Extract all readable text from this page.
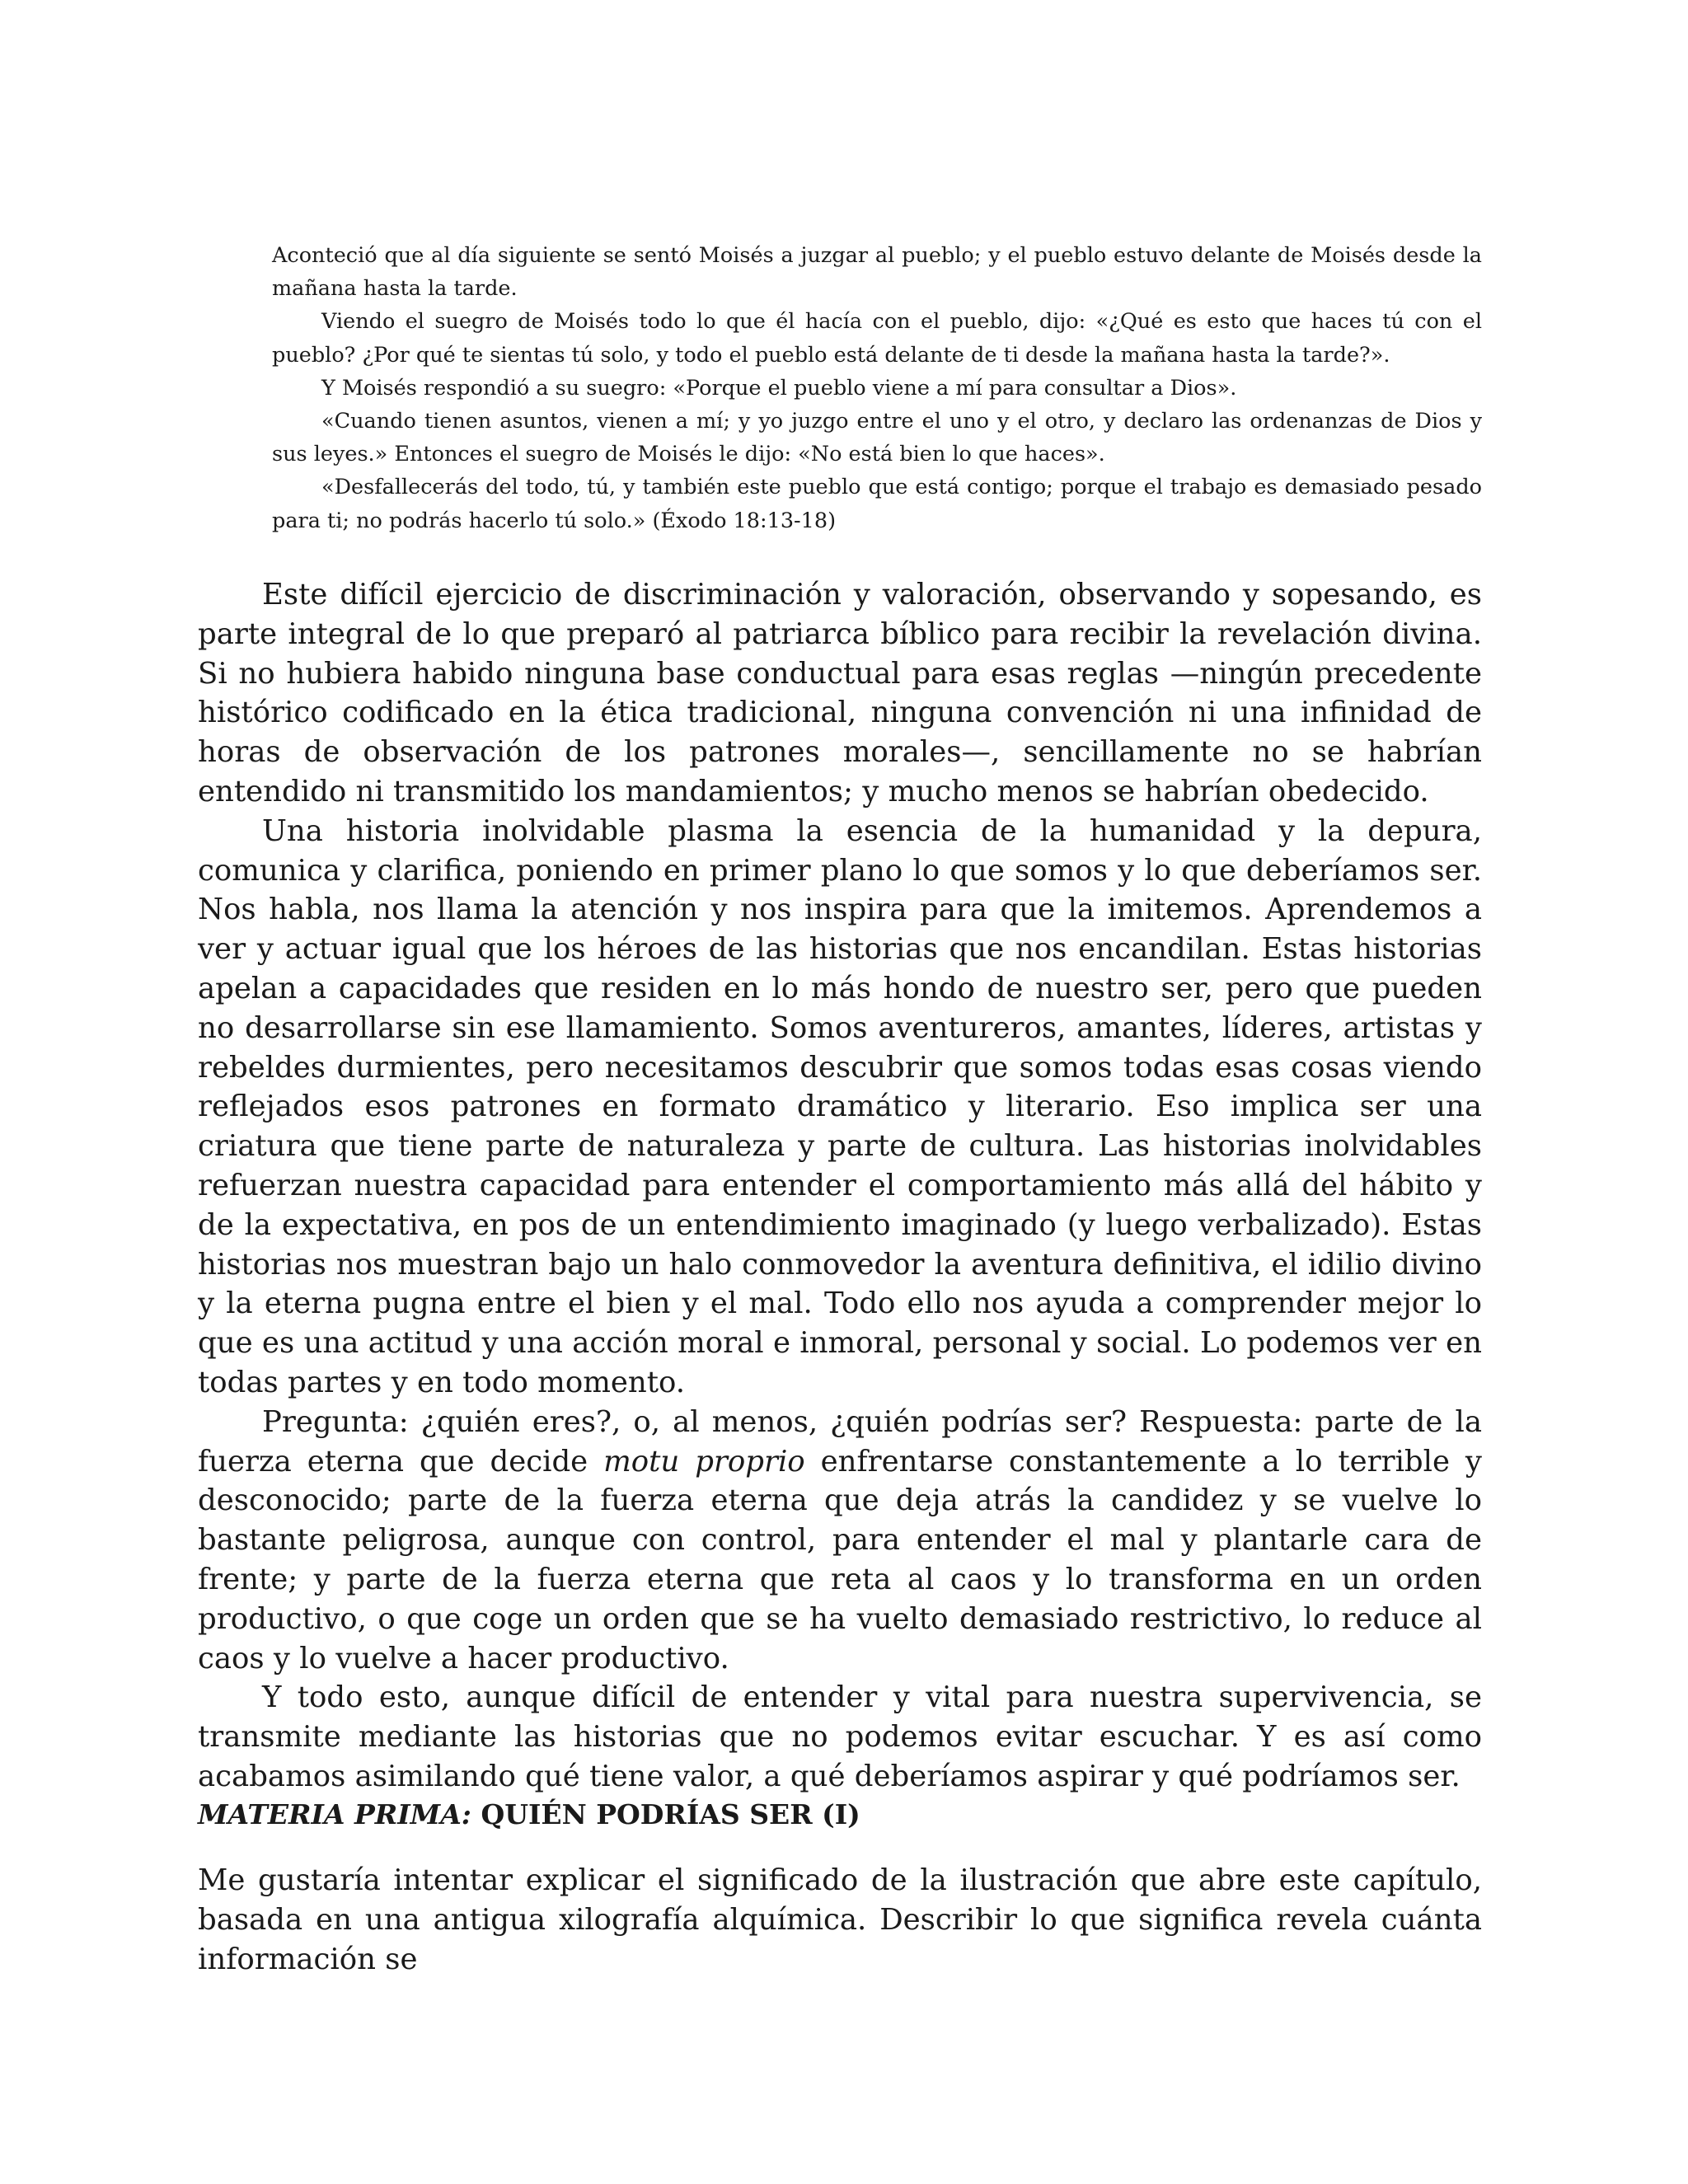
Aconteció que al día siguiente se sentó Moisés a juzgar al pueblo; y el pueblo estuvo delante de Moisés desde la mañana hasta la tarde.

Viendo el suegro de Moisés todo lo que él hacía con el pueblo, dijo: «¿Qué es esto que haces tú con el pueblo? ¿Por qué te sientas tú solo, y todo el pueblo está delante de ti desde la mañana hasta la tarde?».

Y Moisés respondió a su suegro: «Porque el pueblo viene a mí para consultar a Dios».

«Cuando tienen asuntos, vienen a mí; y yo juzgo entre el uno y el otro, y declaro las ordenanzas de Dios y sus leyes.» Entonces el suegro de Moisés le dijo: «No está bien lo que haces».

«Desfallecerás del todo, tú, y también este pueblo que está contigo; porque el trabajo es demasiado pesado para ti; no podrás hacerlo tú solo.» (Éxodo 18:13-18)

Este difícil ejercicio de discriminación y valoración, observando y sopesando, es parte integral de lo que preparó al patriarca bíblico para recibir la revelación divina. Si no hubiera habido ninguna base conductual para esas reglas —ningún precedente histórico codificado en la ética tradicional, ninguna convención ni una infinidad de horas de observación de los patrones morales—, sencillamente no se habrían entendido ni transmitido los mandamientos; y mucho menos se habrían obedecido.

Una historia inolvidable plasma la esencia de la humanidad y la depura, comunica y clarifica, poniendo en primer plano lo que somos y lo que deberíamos ser. Nos habla, nos llama la atención y nos inspira para que la imitemos. Aprendemos a ver y actuar igual que los héroes de las historias que nos encandilan. Estas historias apelan a capacidades que residen en lo más hondo de nuestro ser, pero que pueden no desarrollarse sin ese llamamiento. Somos aventureros, amantes, líderes, artistas y rebeldes durmientes, pero necesitamos descubrir que somos todas esas cosas viendo reflejados esos patrones en formato dramático y literario. Eso implica ser una criatura que tiene parte de naturaleza y parte de cultura. Las historias inolvidables refuerzan nuestra capacidad para entender el comportamiento más allá del hábito y de la expectativa, en pos de un entendimiento imaginado (y luego verbalizado). Estas historias nos muestran bajo un halo conmovedor la aventura definitiva, el idilio divino y la eterna pugna entre el bien y el mal. Todo ello nos ayuda a comprender mejor lo que es una actitud y una acción moral e inmoral, personal y social. Lo podemos ver en todas partes y en todo momento.

Pregunta: ¿quién eres?, o, al menos, ¿quién podrías ser? Respuesta: parte de la fuerza eterna que decide motu proprio enfrentarse constantemente a lo terrible y desconocido; parte de la fuerza eterna que deja atrás la candidez y se vuelve lo bastante peligrosa, aunque con control, para entender el mal y plantarle cara de frente; y parte de la fuerza eterna que reta al caos y lo transforma en un orden productivo, o que coge un orden que se ha vuelto demasiado restrictivo, lo reduce al caos y lo vuelve a hacer productivo.

Y todo esto, aunque difícil de entender y vital para nuestra supervivencia, se transmite mediante las historias que no podemos evitar escuchar. Y es así como acabamos asimilando qué tiene valor, a qué deberíamos aspirar y qué podríamos ser.

MATERIA PRIMA: QUIÉN PODRÍAS SER (I)

Me gustaría intentar explicar el significado de la ilustración que abre este capítulo, basada en una antigua xilografía alquímica. Describir lo que significa revela cuánta información se
